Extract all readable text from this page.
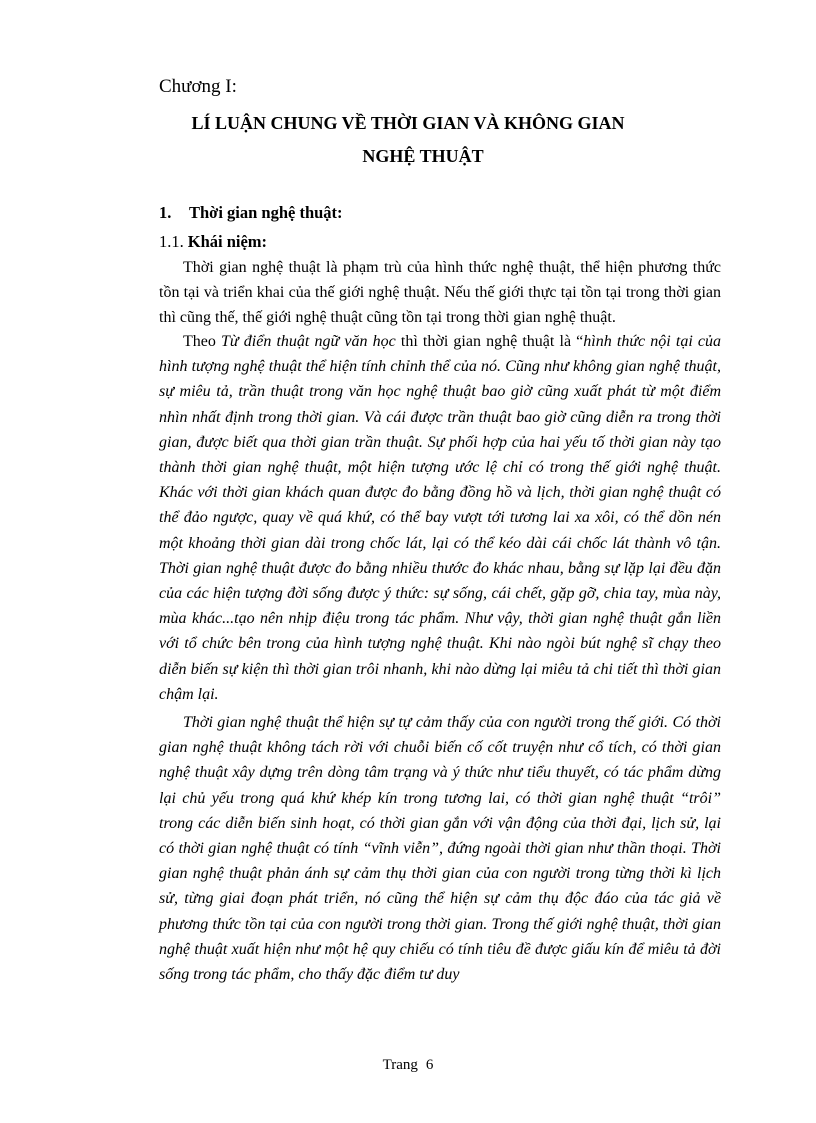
Chương I:
LÍ LUẬN CHUNG VỀ THỜI GIAN VÀ KHÔNG GIAN
NGHỆ THUẬT
1. Thời gian nghệ thuật:
1.1. Khái niệm:

Thời gian nghệ thuật là phạm trù của hình thức nghệ thuật, thể hiện phương thức tồn tại và triển khai của thế giới nghệ thuật. Nếu thế giới thực tại tồn tại trong thời gian thì cũng thế, thế giới nghệ thuật cũng tồn tại trong thời gian nghệ thuật.

Theo Từ điển thuật ngữ văn học thì thời gian nghệ thuật là “hình thức nội tại của hình tượng nghệ thuật thể hiện tính chỉnh thể của nó. Cũng như không gian nghệ thuật, sự miêu tả, trần thuật trong văn học nghệ thuật bao giờ cũng xuất phát từ một điểm nhìn nhất định trong thời gian. Và cái được trần thuật bao giờ cũng diễn ra trong thời gian, được biết qua thời gian trần thuật. Sự phối hợp của hai yếu tố thời gian này tạo thành thời gian nghệ thuật, một hiện tượng ước lệ chỉ có trong thế giới nghệ thuật. Khác với thời gian khách quan được đo bằng đồng hồ và lịch, thời gian nghệ thuật có thể đảo ngược, quay về quá khứ, có thể bay vượt tới tương lai xa xôi, có thể dồn nén một khoảng thời gian dài trong chốc lát, lại có thể kéo dài cái chốc lát thành vô tận. Thời gian nghệ thuật được đo bằng nhiều thước đo khác nhau, bằng sự lặp lại đều đặn của các hiện tượng đời sống được ý thức: sự sống, cái chết, gặp gỡ, chia tay, mùa này, mùa khác...tạo nên nhịp điệu trong tác phẩm. Như vậy, thời gian nghệ thuật gắn liền với tổ chức bên trong của hình tượng nghệ thuật. Khi nào ngòi bút nghệ sĩ chạy theo diễn biến sự kiện thì thời gian trôi nhanh, khi nào dừng lại miêu tả chi tiết thì thời gian chậm lại.

Thời gian nghệ thuật thể hiện sự tự cảm thấy của con người trong thế giới. Có thời gian nghệ thuật không tách rời với chuỗi biến cố cốt truyện như cổ tích, có thời gian nghệ thuật xây dựng trên dòng tâm trạng và ý thức như tiểu thuyết, có tác phẩm dừng lại chủ yếu trong quá khứ khép kín trong tương lai, có thời gian nghệ thuật “trôi” trong các diễn biến sinh hoạt, có thời gian gắn với vận động của thời đại, lịch sử, lại có thời gian nghệ thuật có tính “vĩnh viễn”, đứng ngoài thời gian như thần thoại. Thời gian nghệ thuật phản ánh sự cảm thụ thời gian của con người trong từng thời kì lịch sử, từng giai đoạn phát triển, nó cũng thể hiện sự cảm thụ độc đáo của tác giả về phương thức tồn tại của con người trong thời gian. Trong thế giới nghệ thuật, thời gian nghệ thuật xuất hiện như một hệ quy chiếu có tính tiêu đề được giấu kín để miêu tả đời sống trong tác phẩm, cho thấy đặc điểm tư duy

Trang 6
